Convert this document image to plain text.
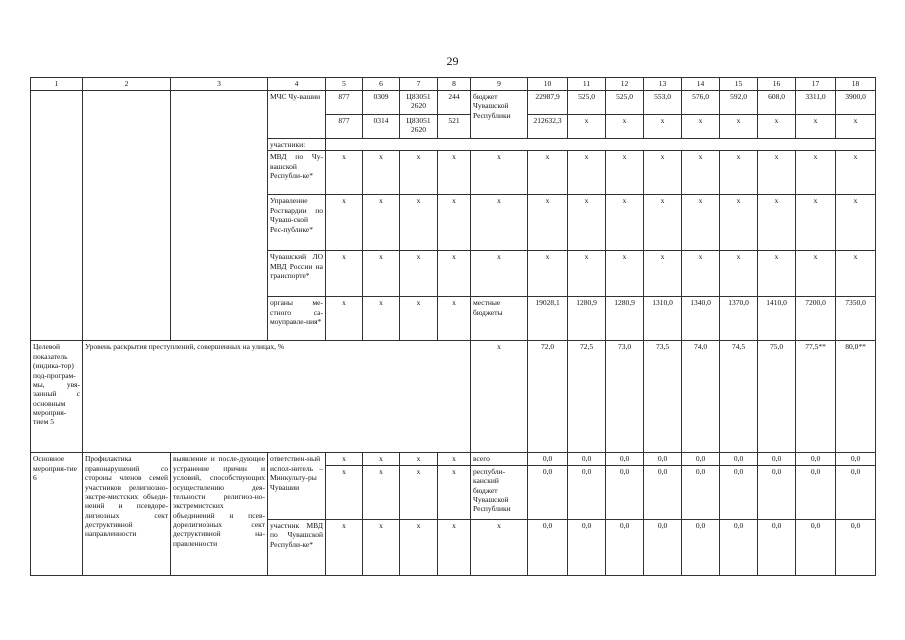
29
1	2	3	4	5	6	7	8	9	10	11	12	13	14	15	16	17	18
			МЧС Чу-вашии	877	0309	Ц83051 2620	244	бюджет Чувашской Республики	22987,9	525,0	525,0	553,0	576,0	592,0	608,0	3311,0	3900,0
				877	0314	Ц83051 2620	521		212632,3	х	х	х	х	х	х	х	х
			участники:														
			МВД по Чу-вашской Республи-ке*	х	х	х	х	х	х	х	х	х	х	х	х	х	х
			Управление Росгвардии по Чуваш-ской Рес-публике*	х	х	х	х	х	х	х	х	х	х	х	х	х	х
			Чувашский ЛО МВД России на транспорте*	х	х	х	х	х	х	х	х	х	х	х	х	х	х
			органы ме-стного са-моуправле-ния*	х	х	х	х	местные бюджеты	19028,1	1280,9	1280,9	1310,0	1340,0	1370,0	1410,0	7200,0	7350,0
Целевой показатель (индика-тор) под-програм-мы, увя-занный с основным мероприя-тием 5	Уровень раскрытия преступлений, совершенных на улицах, %							х	72,0	72,5	73,0	73,5	74,0	74,5	75,0	77,5**	80,0**
Основное мероприя-тие 6	Профилактика правонарушений со стороны членов семей участников религиозно-экстре-мистских объеди-нений и псевдоре-лигиозных сект деструктивной направленности	выявление и после-дующее устранение причин и условий, способствующих осуществлению дея-тельности религиоз-но-экстремистских объединений и псев-дорелигиозных сект деструктивной на-правленности	ответствен-ный испол-нитель – Минкульту-ры Чувашии	х	х	х	х	всего	0,0	0,0	0,0	0,0	0,0	0,0	0,0	0,0	0,0
				х	х	х	х	республи-канский бюджет Чувашской Республики	0,0	0,0	0,0	0,0	0,0	0,0	0,0	0,0	0,0
			участник МВД по Чувашской Республи-ке*	х	х	х	х	х	0,0	0,0	0,0	0,0	0,0	0,0	0,0	0,0	0,0
